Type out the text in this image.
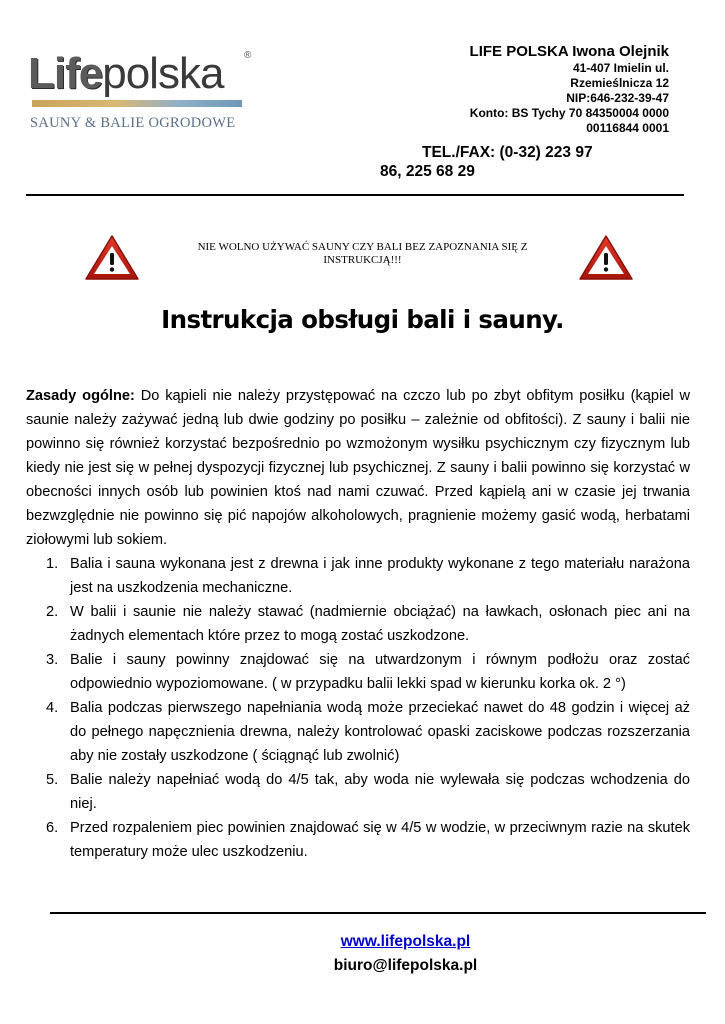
Lifepolska ®
SAUNY & BALIE OGRODOWE
LIFE POLSKA Iwona Olejnik
41-407 Imielin ul.
Rzemieślnicza 12
NIP:646-232-39-47
Konto: BS Tychy 70 84350004 0000
00116844 0001
TEL./FAX: (0-32) 223 97
86, 225 68 29
NIE WOLNO UŻYWAĆ SAUNY CZY BALI BEZ ZAPOZNANIA SIĘ Z INSTRUKCJĄ!!!
Instrukcja obsługi bali i sauny.

Zasady ogólne: Do kąpieli nie należy przystępować na czczo lub po zbyt obfitym posiłku (kąpiel w saunie należy zażywać jedną lub dwie godziny po posiłku – zależnie od obfitości). Z sauny i balii nie powinno się również korzystać bezpośrednio po wzmożonym wysiłku psychicznym czy fizycznym lub kiedy nie jest się w pełnej dyspozycji fizycznej lub psychicznej. Z sauny i balii powinno się korzystać w obecności innych osób lub powinien ktoś nad nami czuwać. Przed kąpielą ani w czasie jej trwania bezwzględnie nie powinno się pić napojów alkoholowych, pragnienie możemy gasić wodą, herbatami ziołowymi lub sokiem.

1. Balia i sauna wykonana jest z drewna i jak inne produkty wykonane z tego materiału narażona jest na uszkodzenia mechaniczne.
2. W balii i saunie nie należy stawać (nadmiernie obciążać) na ławkach, osłonach piec ani na żadnych elementach które przez to mogą zostać uszkodzone.
3. Balie i sauny powinny znajdować się na utwardzonym i równym podłożu oraz zostać odpowiednio wypoziomowane. ( w przypadku balii lekki spad w kierunku korka ok. 2 °)
4. Balia podczas pierwszego napełniania wodą może przeciekać nawet do 48 godzin i więcej aż do pełnego napęcznienia drewna, należy kontrolować opaski zaciskowe podczas rozszerzania aby nie zostały uszkodzone ( ściągnąć lub zwolnić)
5. Balie należy napełniać wodą do 4/5 tak, aby woda nie wylewała się podczas wchodzenia do niej.
6. Przed rozpaleniem piec powinien znajdować się w 4/5 w wodzie, w przeciwnym razie na skutek temperatury może ulec uszkodzeniu.
www.lifepolska.pl
biuro@lifepolska.pl
